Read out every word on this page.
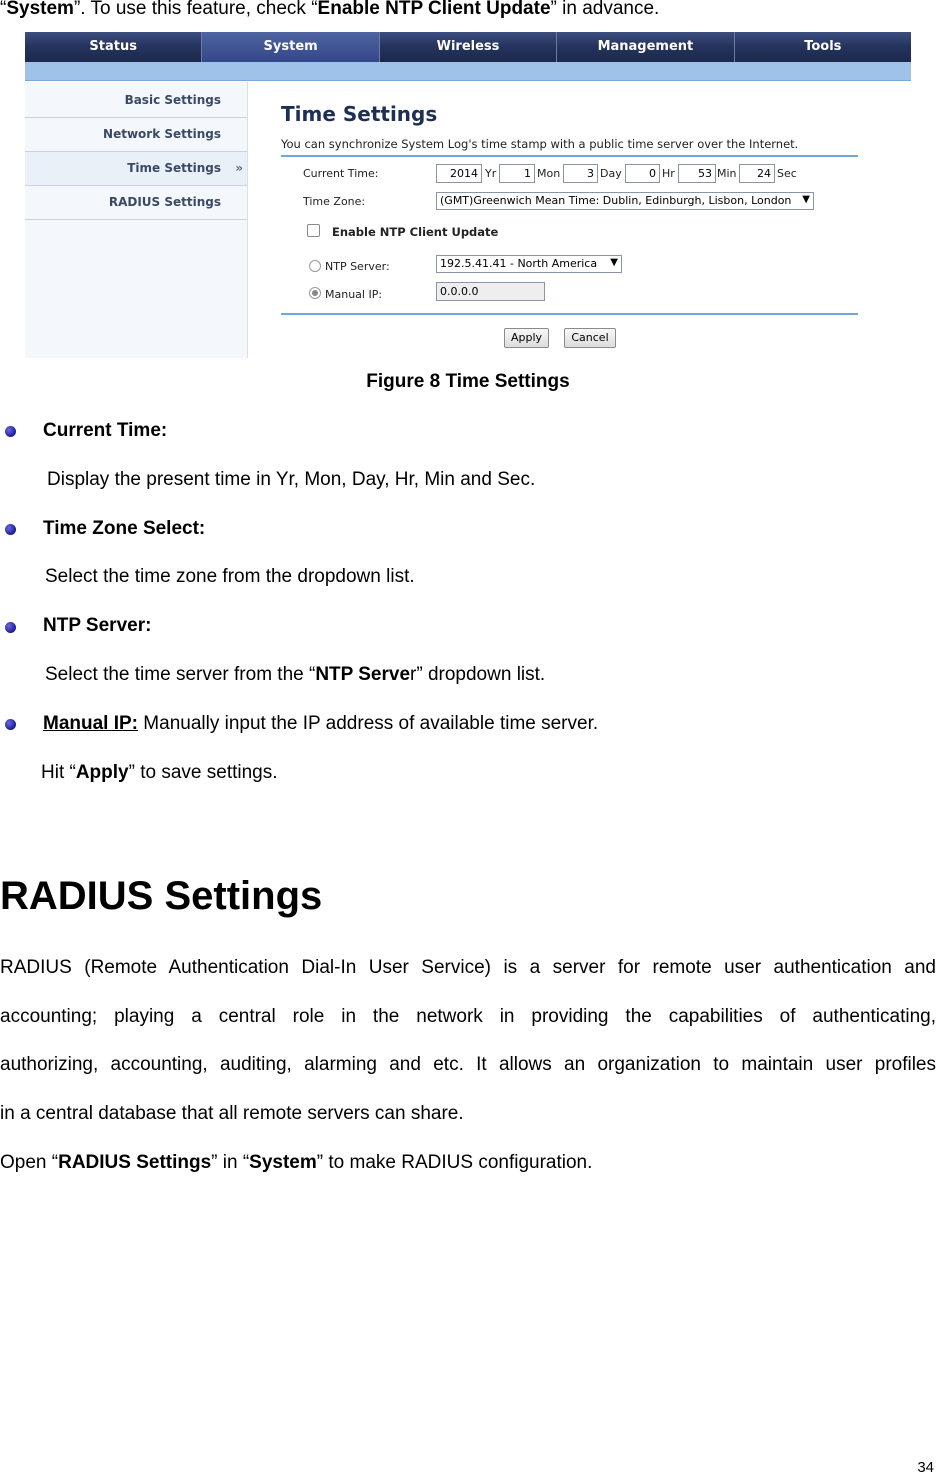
“System”. To use this feature, check “Enable NTP Client Update” in advance.
Status	System	Wireless	Management	Tools
Basic Settings
Network Settings
Time Settings »
RADIUS Settings
Time Settings
You can synchronize System Log's time stamp with a public time server over the Internet.
Current Time:	2014 Yr	1 Mon	3 Day	0 Hr	53 Min	24 Sec
Time Zone:	(GMT)Greenwich Mean Time: Dublin, Edinburgh, Lisbon, London ▼
Enable NTP Client Update
NTP Server:	192.5.41.41 - North America ▼
Manual IP:	0.0.0.0
Apply	Cancel
Figure 8 Time Settings
Current Time:
Display the present time in Yr, Mon, Day, Hr, Min and Sec.
Time Zone Select:
Select the time zone from the dropdown list.
NTP Server:
Select the time server from the “NTP Server” dropdown list.
Manual IP: Manually input the IP address of available time server.
Hit “Apply” to save settings.
RADIUS Settings
RADIUS (Remote Authentication Dial-In User Service) is a server for remote user authentication and
accounting; playing a central role in the network in providing the capabilities of authenticating,
authorizing, accounting, auditing, alarming and etc. It allows an organization to maintain user profiles
in a central database that all remote servers can share.
Open “RADIUS Settings” in “System” to make RADIUS configuration.
34
